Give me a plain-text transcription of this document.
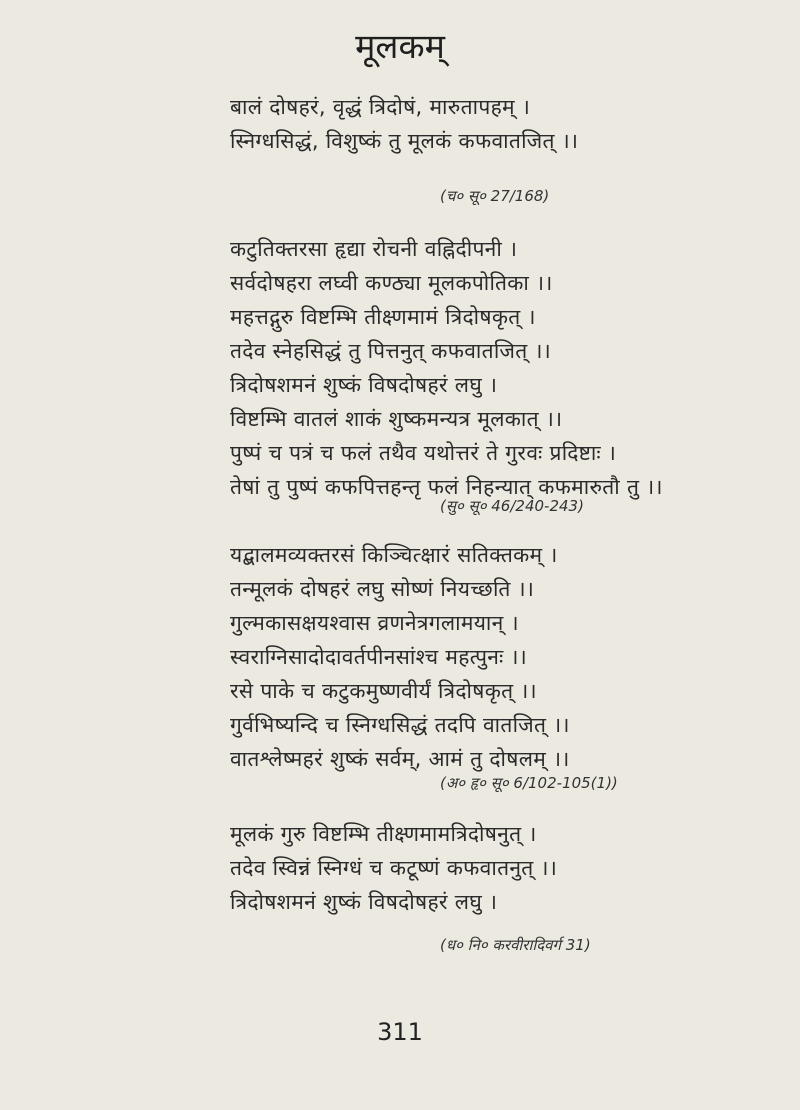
मूलकम्
बालं दोषहरं, वृद्धं त्रिदोषं, मारुतापहम् ।
स्निग्धसिद्धं, विशुष्कं तु मूलकं कफवातजित् ।।
(च० सू० 27/168)
कटुतिक्तरसा हृद्या रोचनी वह्निदीपनी ।
सर्वदोषहरा लघ्वी कण्ठ्या मूलकपोतिका ।।
महत्तद्गुरु विष्टम्भि तीक्ष्णमामं त्रिदोषकृत् ।
तदेव स्नेहसिद्धं तु पित्तनुत् कफवातजित् ।।
त्रिदोषशमनं शुष्कं विषदोषहरं लघु ।
विष्टम्भि वातलं शाकं शुष्कमन्यत्र मूलकात् ।।
पुष्पं च पत्रं च फलं तथैव यथोत्तरं ते गुरवः प्रदिष्टाः ।
तेषां तु पुष्पं कफपित्तहन्तृ फलं निहन्यात् कफमारुतौ तु ।।
(सु० सू० 46/240-243)
यद्बालमव्यक्तरसं किञ्चित्क्षारं सतिक्तकम् ।
तन्मूलकं दोषहरं लघु सोष्णं नियच्छति ।।
गुल्मकासक्षयश्वास व्रणनेत्रगलामयान् ।
स्वराग्निसादोदावर्तपीनसांश्च महत्पुनः ।।
रसे पाके च कटुकमुष्णवीर्यं त्रिदोषकृत् ।।
गुर्वभिष्यन्दि च स्निग्धसिद्धं तदपि वातजित् ।।
वातश्लेष्महरं शुष्कं सर्वम्, आमं तु दोषलम् ।।
(अ० हृ० सू० 6/102-105(1))
मूलकं गुरु विष्टम्भि तीक्ष्णमामत्रिदोषनुत् ।
तदेव स्विन्नं स्निग्धं च कटूष्णं कफवातनुत् ।।
त्रिदोषशमनं शुष्कं विषदोषहरं लघु ।
(ध० नि० करवीरादिवर्ग 31)
311
